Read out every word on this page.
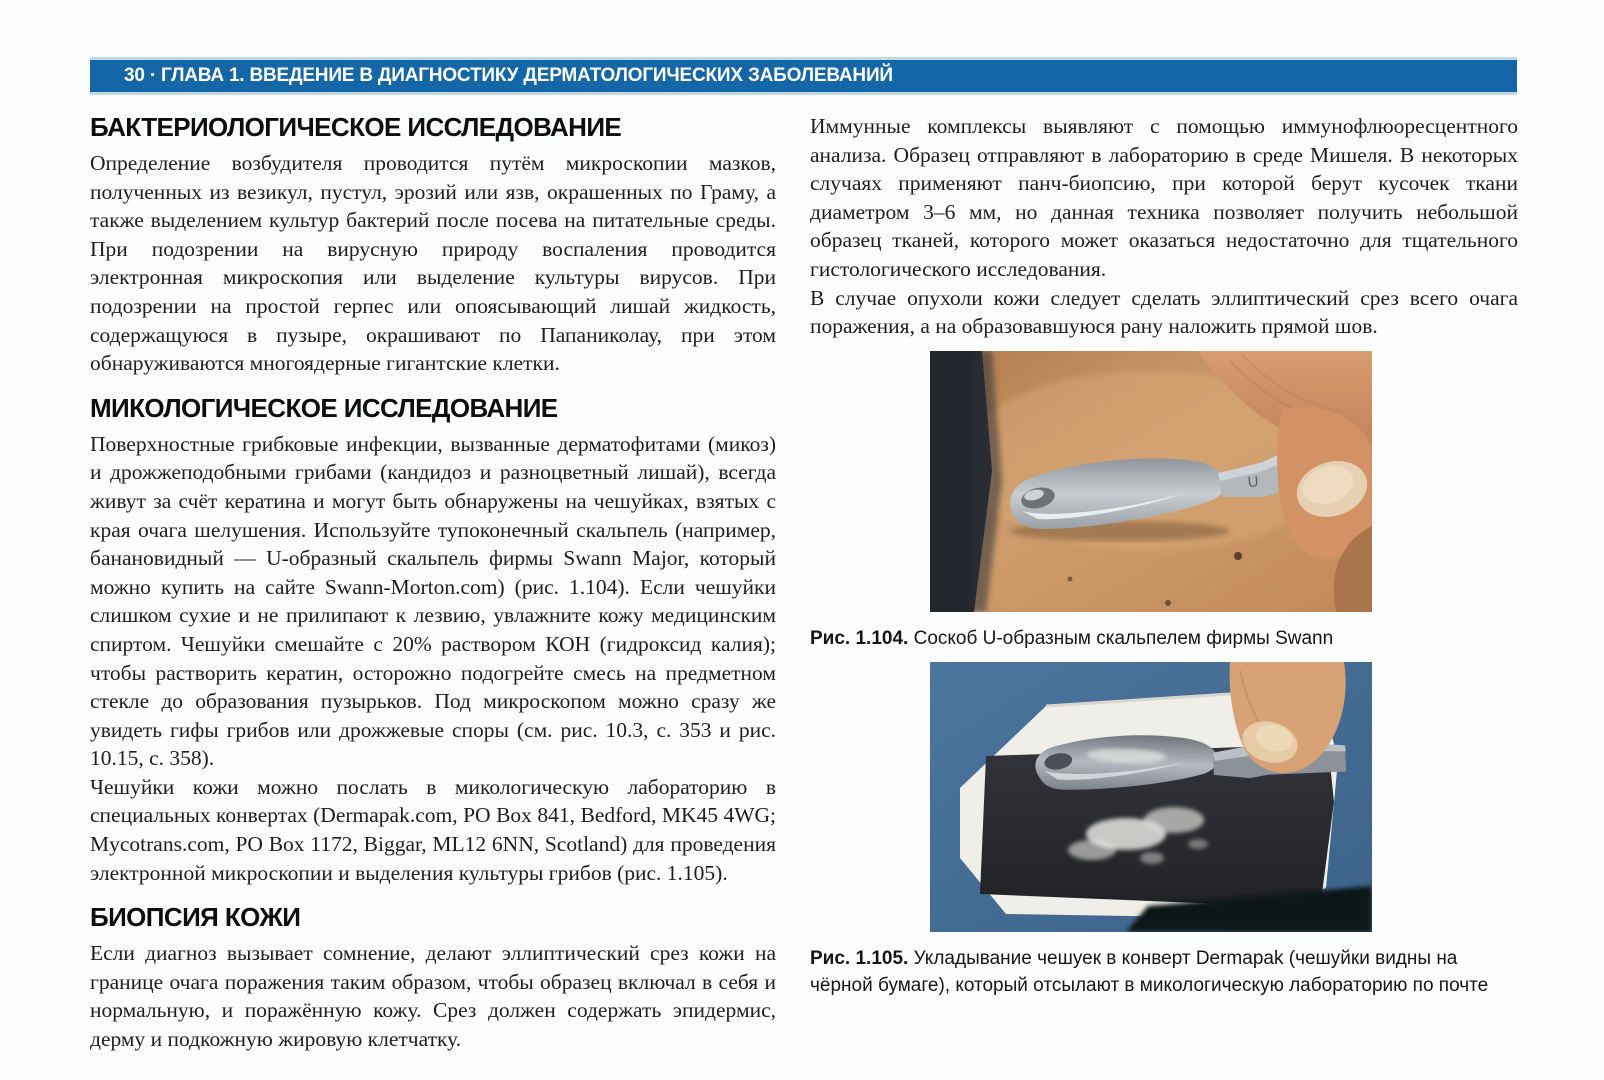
30 · ГЛАВА 1. ВВЕДЕНИЕ В ДИАГНОСТИКУ ДЕРМАТОЛОГИЧЕСКИХ ЗАБОЛЕВАНИЙ
БАКТЕРИОЛОГИЧЕСКОЕ ИССЛЕДОВАНИЕ

Определение возбудителя проводится путём микроскопии мазков, полученных из везикул, пустул, эрозий или язв, окрашенных по Граму, а также выделением культур бактерий после посева на питательные среды. При подозрении на вирусную природу воспаления проводится электронная микроскопия или выделение культуры вирусов. При подозрении на простой герпес или опоясывающий лишай жидкость, содержащуюся в пузыре, окрашивают по Папаниколау, при этом обнаруживаются многоядерные гигантские клетки.

МИКОЛОГИЧЕСКОЕ ИССЛЕДОВАНИЕ

Поверхностные грибковые инфекции, вызванные дерматофитами (микоз) и дрожжеподобными грибами (кандидоз и разноцветный лишай), всегда живут за счёт кератина и могут быть обнаружены на чешуйках, взятых с края очага шелушения. Используйте тупоконечный скальпель (например, банановидный — U-образный скальпель фирмы Swann Major, который можно купить на сайте Swann-Morton.com) (рис. 1.104). Если чешуйки слишком сухие и не прилипают к лезвию, увлажните кожу медицинским спиртом. Чешуйки смешайте с 20% раствором КОН (гидроксид калия); чтобы растворить кератин, осторожно подогрейте смесь на предметном стекле до образования пузырьков. Под микроскопом можно сразу же увидеть гифы грибов или дрожжевые споры (см. рис. 10.3, с. 353 и рис. 10.15, с. 358).

Чешуйки кожи можно послать в микологическую лабораторию в специальных конвертах (Dermapak.com, PO Box 841, Bedford, MK45 4WG; Mycotrans.com, PO Box 1172, Biggar, ML12 6NN, Scotland) для проведения электронной микроскопии и выделения культуры грибов (рис. 1.105).

БИОПСИЯ КОЖИ

Если диагноз вызывает сомнение, делают эллиптический срез кожи на границе очага поражения таким образом, чтобы образец включал в себя и нормальную, и поражённую кожу. Срез должен содержать эпидермис, дерму и подкожную жировую клетчатку.

Иммунные комплексы выявляют с помощью иммунофлюоресцентного анализа. Образец отправляют в лабораторию в среде Мишеля. В некоторых случаях применяют панч-биопсию, при которой берут кусочек ткани диаметром 3–6 мм, но данная техника позволяет получить небольшой образец тканей, которого может оказаться недостаточно для тщательного гистологического исследования.

В случае опухоли кожи следует сделать эллиптический срез всего очага поражения, а на образовавшуюся рану наложить прямой шов.

U
Рис. 1.104. Соскоб U-образным скальпелем фирмы Swann
Рис. 1.105. Укладывание чешуек в конверт Dermapak (чешуйки видны на чёрной бумаге), который отсылают в микологическую лабораторию по почте
